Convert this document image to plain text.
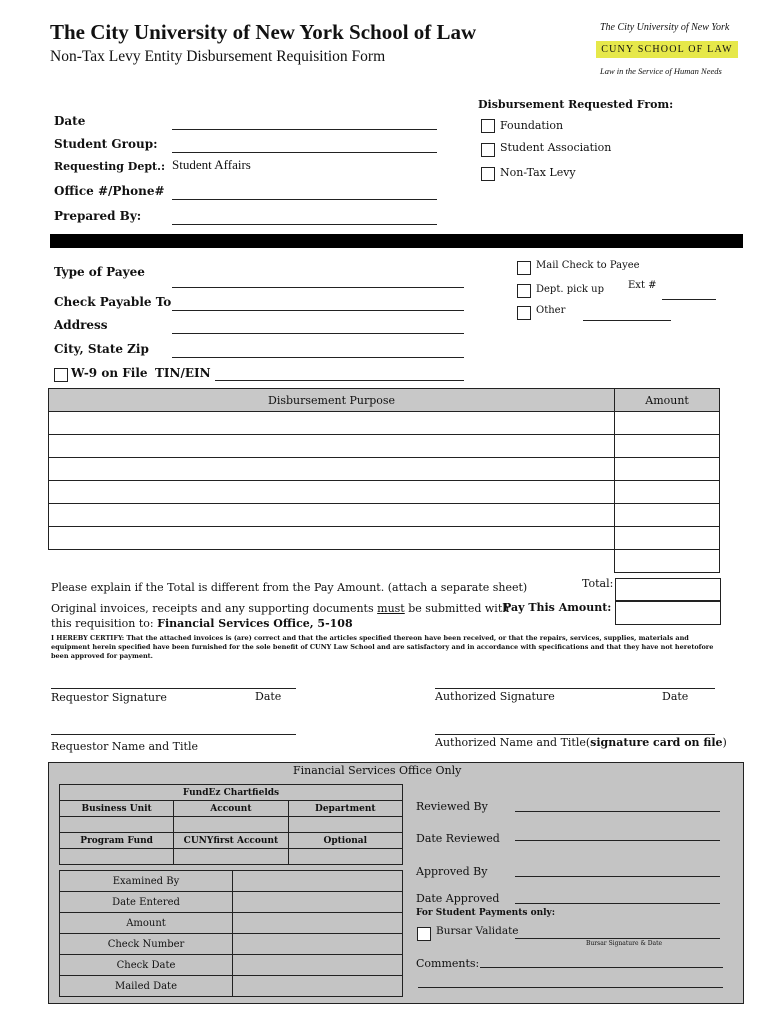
The City University of New York School of Law
Non-Tax Levy Entity Disbursement Requisition Form
The City University of New York
CUNY SCHOOL OF LAW
Law in the Service of Human Needs
Date
Student Group:
Requesting Dept.: Student Affairs
Office #/Phone#
Prepared By:
Disbursement Requested From:
Foundation
Student Association
Non-Tax Levy
Type of Payee
Check Payable To
Address
City, State Zip
W-9 on File TIN/EIN
Mail Check to Payee
Dept. pick up Ext #
Other
Disbursement Purpose	Amount

Please explain if the Total is different from the Pay Amount. (attach a separate sheet)	Total:
Original invoices, receipts and any supporting documents must be submitted with
Pay This Amount:
this requisition to: Financial Services Office, 5-108
I HEREBY CERTIFY: That the attached invoices is (are) correct and that the articles specified thereon have been received, or that the repairs, services, supplies, materials and equipment herein specified have been furnished for the sole benefit of CUNY Law School and are satisfactory and in accordance with specifications and that they have not heretofore been approved for payment.
Requestor Signature	Date	Authorized Signature	Date
Requestor Name and Title	Authorized Name and Title(signature card on file)
Financial Services Office Only
FundEz Chartfields		
Business Unit	Account	Department

Program Fund	CUNYfirst Account	Optional

Examined By	
Date Entered	
Amount	
Check Number	
Check Date	
Mailed Date	
Reviewed By
Date Reviewed
Approved By
Date Approved
For Student Payments only:
Bursar Validate
Bursar Signature & Date
Comments:
